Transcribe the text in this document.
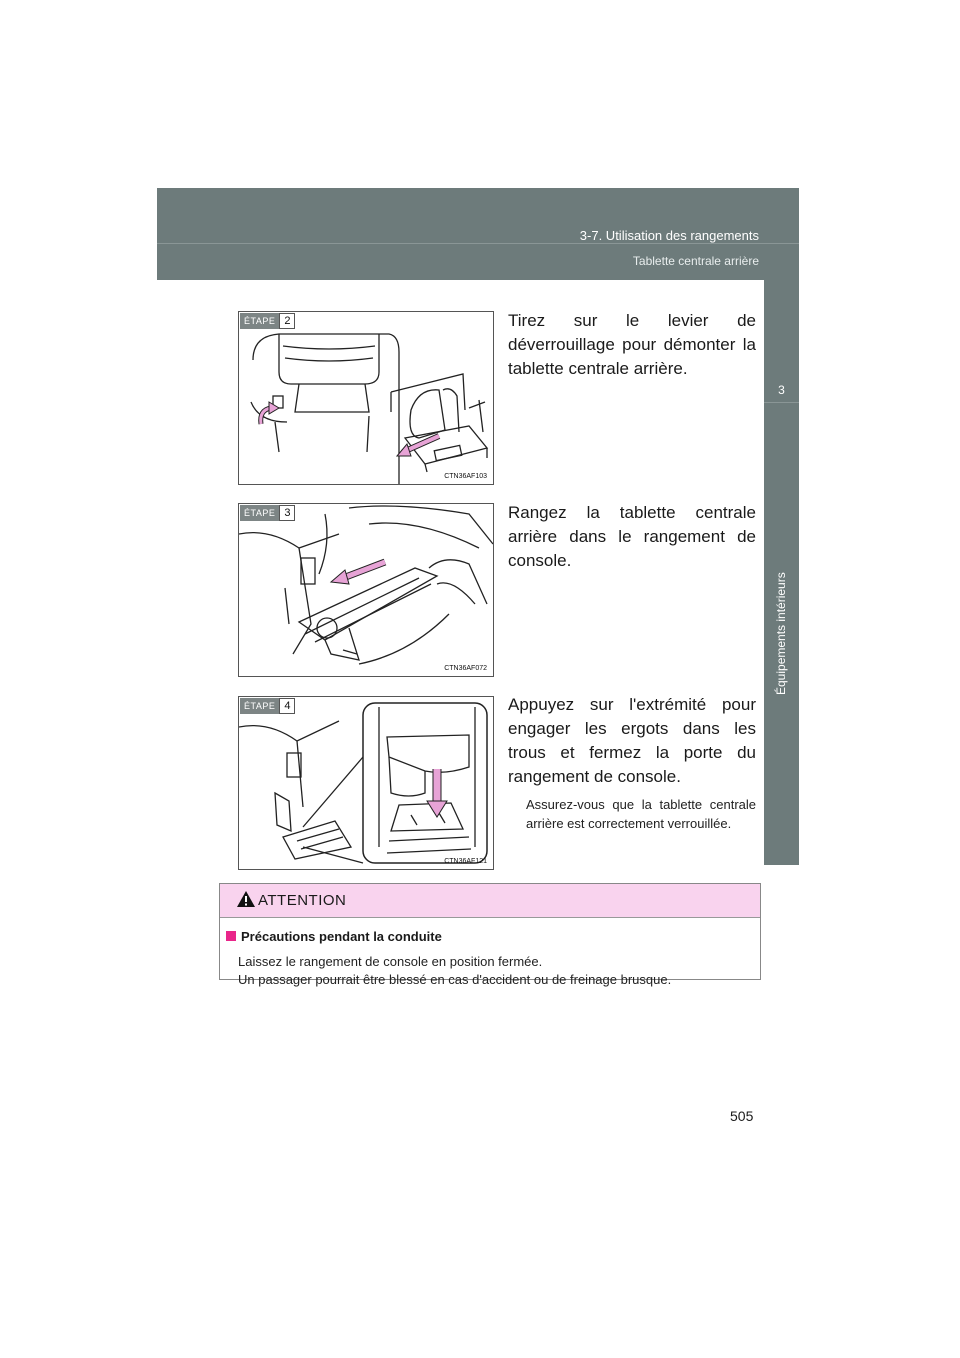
3-7. Utilisation des rangements
Tablette centrale arrière
3
Équipements intérieurs
ÉTAPE 2
CTN36AF103
Tirez sur le levier de déverrouillage pour démonter la tablette centrale arrière.
ÉTAPE 3
CTN36AF072
Rangez la tablette centrale arrière dans le rangement de console.
ÉTAPE 4
CTN36AF121
Appuyez sur l'extrémité pour engager les ergots dans les trous et fermez la porte du rangement de console.
Assurez-vous que la tablette centrale arrière est correctement verrouillée.
ATTENTION
Précautions pendant la conduite
Laissez le rangement de console en position fermée.
Un passager pourrait être blessé en cas d'accident ou de freinage brusque.
505
